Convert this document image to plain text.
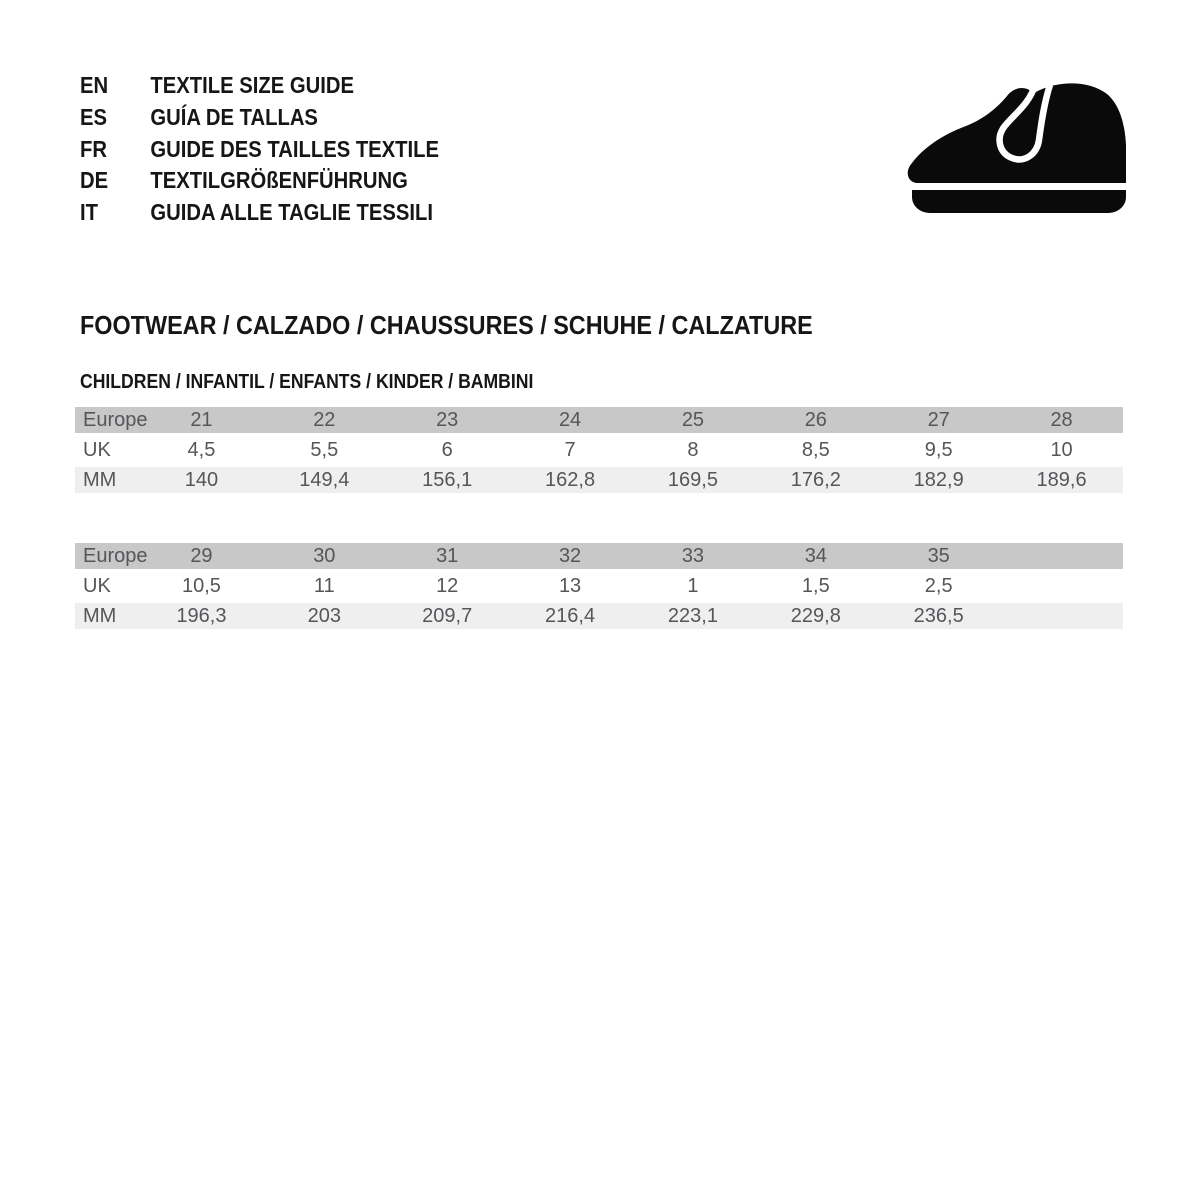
EN	TEXTILE SIZE GUIDE
ES	GUÍA DE TALLAS
FR	GUIDE DES TAILLES TEXTILE
DE	TEXTILGRÖßENFÜHRUNG
IT	GUIDA ALLE TAGLIE TESSILI
FOOTWEAR / CALZADO / CHAUSSURES / SCHUHE / CALZATURE
CHILDREN / INFANTIL / ENFANTS / KINDER / BAMBINI
Europe	21	22	23	24	25	26	27	28
UK	4,5	5,5	6	7	8	8,5	9,5	10
MM	140	149,4	156,1	162,8	169,5	176,2	182,9	189,6
Europe	29	30	31	32	33	34	35	
UK	10,5	11	12	13	1	1,5	2,5	
MM	196,3	203	209,7	216,4	223,1	229,8	236,5	
